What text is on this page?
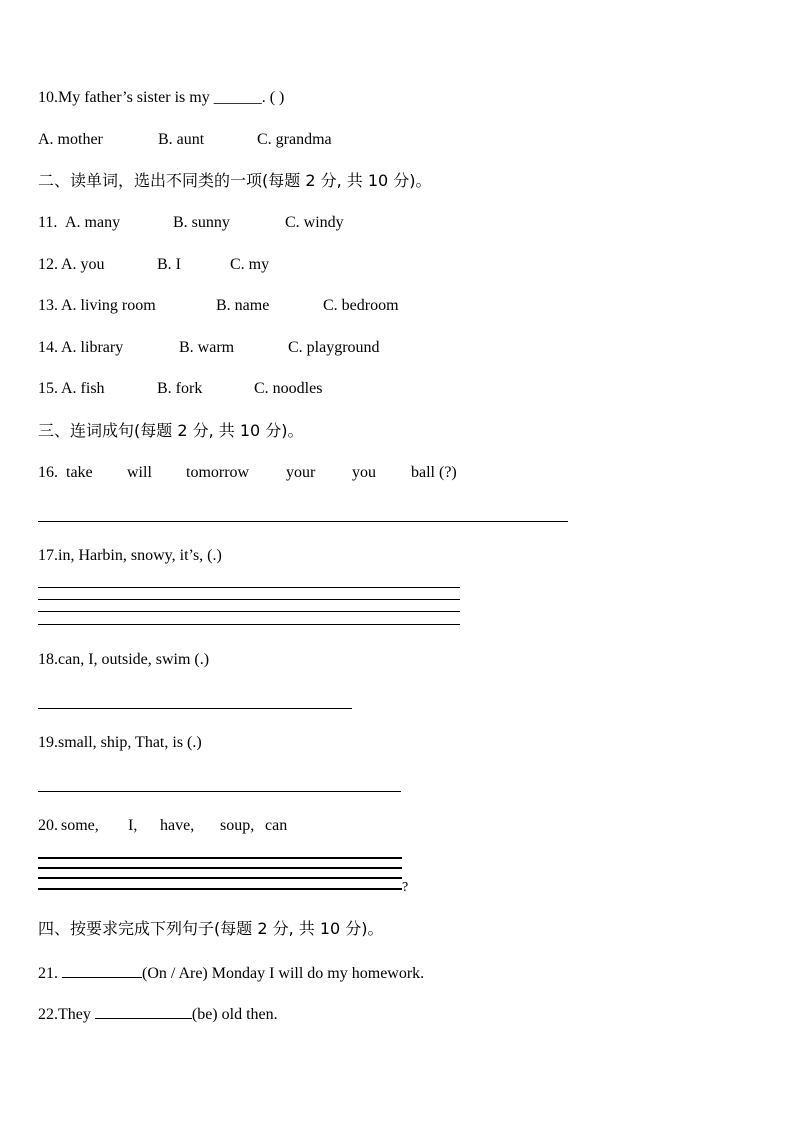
10.My father’s sister is my ______. ( )
A. mother	B. aunt	C. grandma
二、读单词，选出不同类的一项(每题 2 分, 共 10 分)。
11. A. many	B. sunny	C. windy
12. A. you	B. I	C. my
13. A. living room	B. name	C. bedroom
14. A. library	B. warm	C. playground
15. A. fish	B. fork	C. noodles
三、连词成句(每题 2 分, 共 10 分)。
16. take will tomorrow your you ball (?)
17.in, Harbin, snowy, it’s, (.)
18.can, I, outside, swim (.)
19.small, ship, That, is (.)
20. some, I, have, soup, can
?
四、按要求完成下列句子(每题 2 分, 共 10 分)。
21.	(On / Are) Monday I will do my homework.
22.They	(be) old then.
